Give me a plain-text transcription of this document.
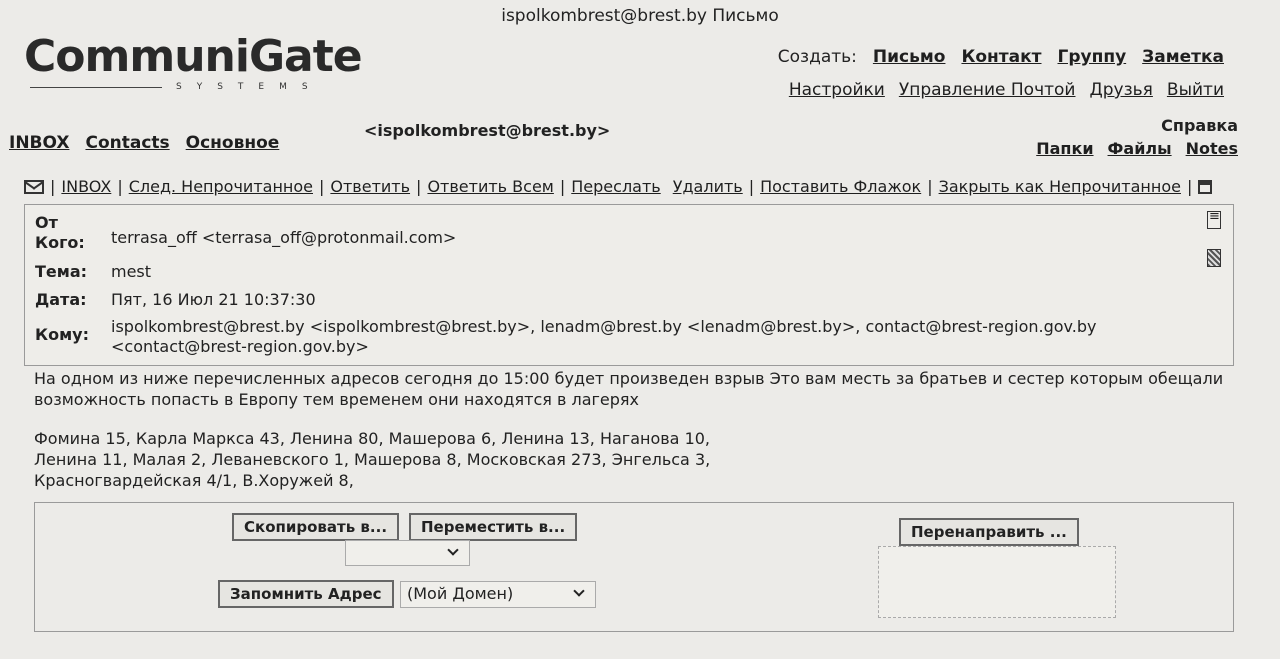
ispolkombrest@brest.by Письмо
CommuniGate
SYSTEMS
Создать: Письмо Контакт Группу Заметка
Настройки Управление Почтой Друзья Выйти
<ispolkombrest@brest.by>	Справка
INBOX Contacts Основное	Папки Файлы Notes
| INBOX | След. Непрочитанное | Ответить | Ответить Всем | Переслать Удалить | Поставить Флажок | Закрыть как Непрочитанное |
От Кого:	terrasa_off <terrasa_off@protonmail.com>
Тема:	mest
Дата:	Пят, 16 Июл 21 10:37:30
Кому:	ispolkombrest@brest.by <ispolkombrest@brest.by>, lenadm@brest.by <lenadm@brest.by>, contact@brest-region.gov.by
<contact@brest-region.gov.by>
≡
На одном из ниже перечисленных адресов сегодня до 15:00 будет произведен взрыв Это вам месть за братьев и сестер которым обещали
возможность попасть в Европу тем временем они находятся в лагерях
Фомина 15, Карла Маркса 43, Ленина 80, Машерова 6, Ленина 13, Наганова 10,
Ленина 11, Малая 2, Леваневского 1, Машерова 8, Московская 273, Энгельса 3,
Красногвардейская 4/1, В.Хоружей 8,
Скопировать в...	Переместить в...
Запомнить Адрес	(Мой Домен)
Перенаправить ...
